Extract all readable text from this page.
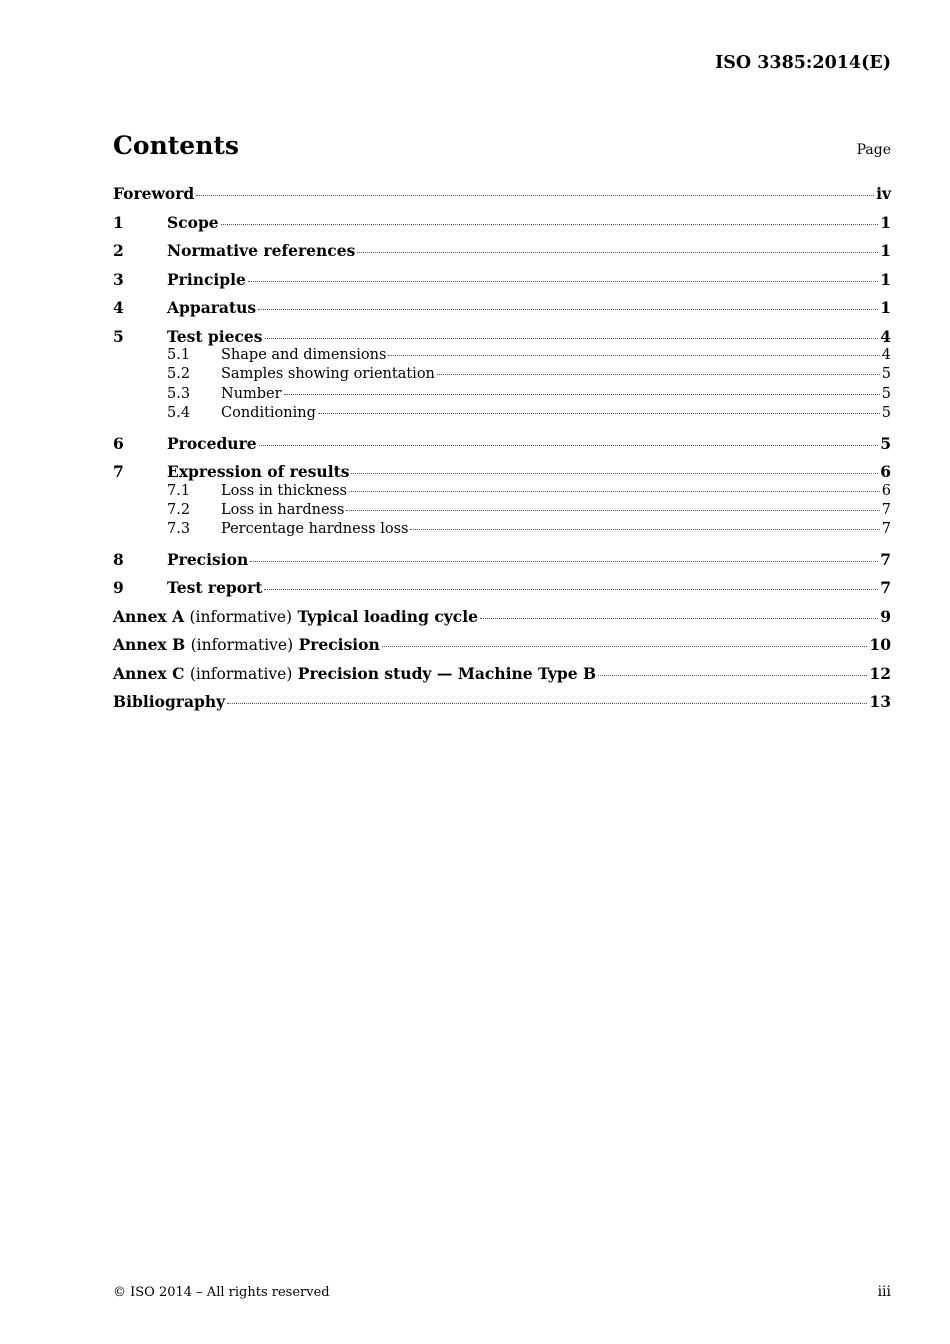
ISO 3385:2014(E)
Contents	Page
Foreword	iv
1	Scope	1
2	Normative references	1
3	Principle	1
4	Apparatus	1
5	Test pieces	4
5.1	Shape and dimensions	4
5.2	Samples showing orientation	5
5.3	Number	5
5.4	Conditioning	5
6	Procedure	5
7	Expression of results	6
7.1	Loss in thickness	6
7.2	Loss in hardness	7
7.3	Percentage hardness loss	7
8	Precision	7
9	Test report	7
Annex A (informative) Typical loading cycle	9
Annex B (informative) Precision	10
Annex C (informative) Precision study — Machine Type B	12
Bibliography	13
© ISO 2014 – All rights reserved	iii
